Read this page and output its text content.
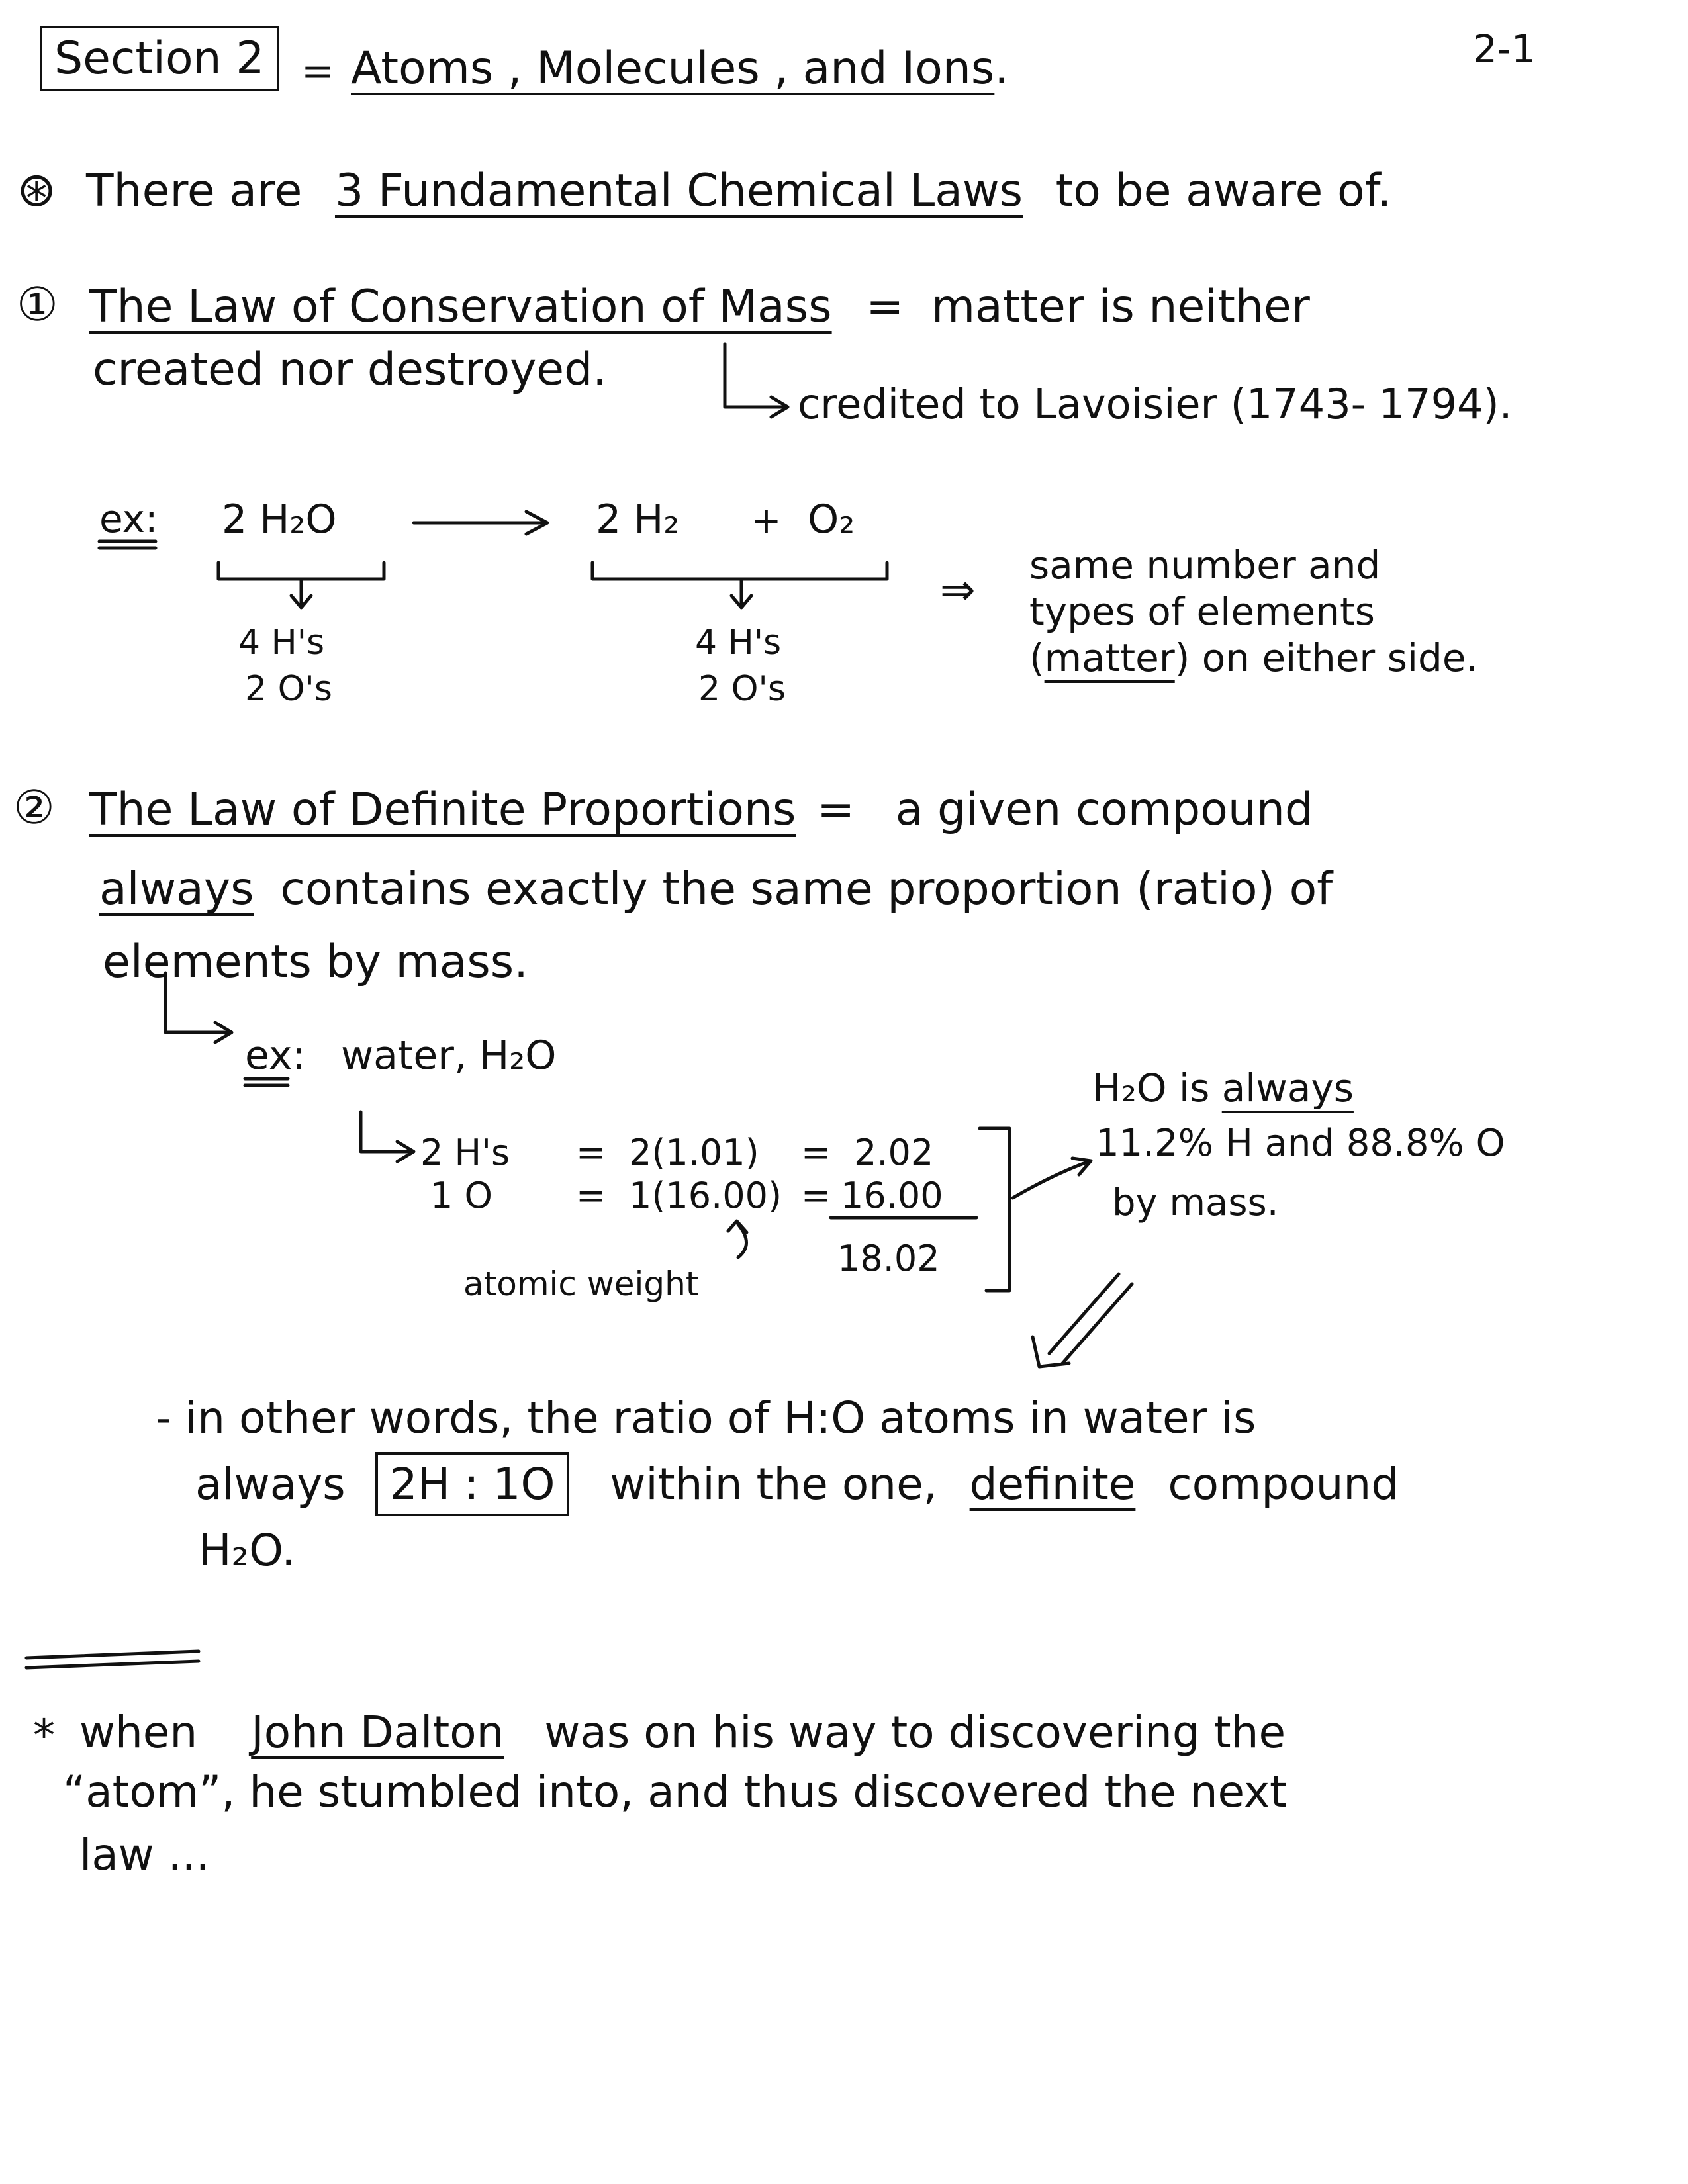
Section 2 = Atoms , Molecules , and Ions.	2-1
⊛ There are 3 Fundamental Chemical Laws to be aware of.
① The Law of Conservation of Mass = matter is neither
created nor destroyed.
credited to Lavoisier (1743- 1794).
ex: 2 H₂O	2 H₂ + O₂
4 H's
2 O's
4 H's
2 O's
⇒
same number and
types of elements
(matter) on either side.
② The Law of Definite Proportions = a given compound
always contains exactly the same proportion (ratio) of
elements by mass.
ex: water, H₂O
2 H's = 2(1.01) = 2.02
1 O = 1(16.00) = 16.00
18.02
atomic weight
H₂O is always
11.2% H and 88.8% O
by mass.
- in other words, the ratio of H:O atoms in water is
always 2H : 1O within the one, definite compound
H₂O.
* when John Dalton was on his way to discovering the
“atom”, he stumbled into, and thus discovered the next
law ...
